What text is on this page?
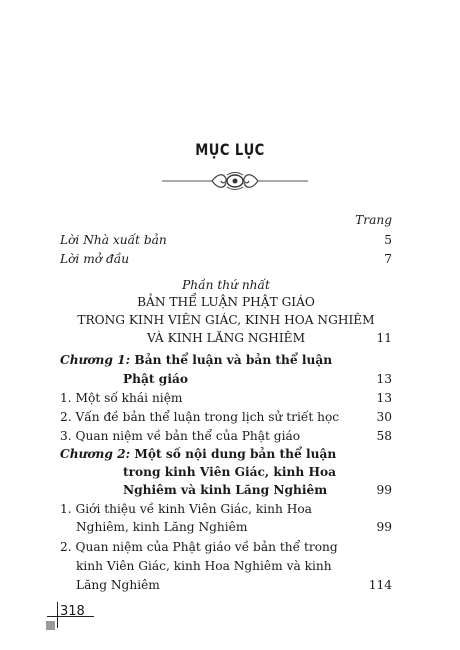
MỤC LỤC
Trang
Lời Nhà xuất bản	5
Lời mở đầu	7
Phần thứ nhất
BẢN THỂ LUẬN PHẬT GIÁO
TRONG KINH VIÊN GIÁC, KINH HOA NGHIÊM
VÀ KINH LĂNG NGHIÊM	11
Chương 1: Bản thể luận và bản thể luận
Phật giáo	13
1. Một số khái niệm	13
2. Vấn đề bản thể luận trong lịch sử triết học	30
3. Quan niệm về bản thể của Phật giáo	58
Chương 2: Một số nội dung bản thể luận
trong kinh Viên Giác, kinh Hoa
Nghiêm và kinh Lăng Nghiêm	99
1. Giới thiệu về kinh Viên Giác, kinh Hoa
Nghiêm, kinh Lăng Nghiêm	99
2. Quan niệm của Phật giáo về bản thể trong
kinh Viên Giác, kinh Hoa Nghiêm và kinh
Lăng Nghiêm	114
318
